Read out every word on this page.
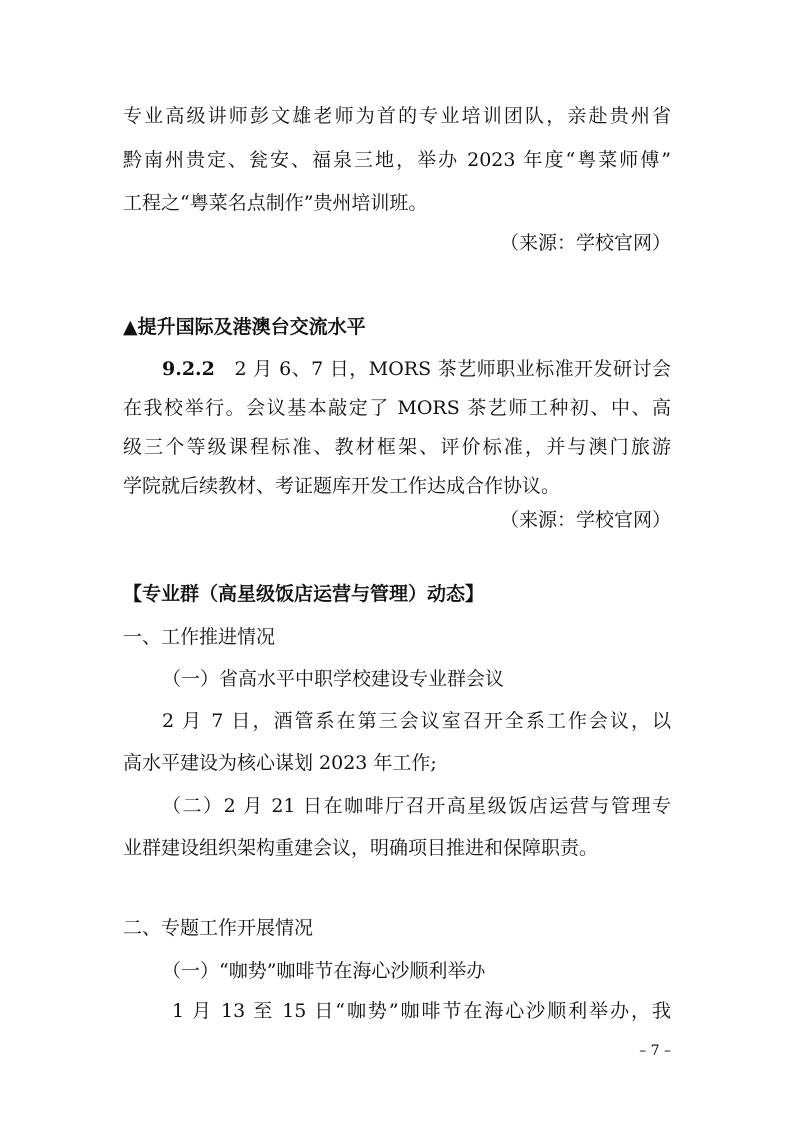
专业高级讲师彭文雄老师为首的专业培训团队，亲赴贵州省
黔南州贵定、瓮安、福泉三地，举办 2023 年度“粤菜师傅”
工程之“粤菜名点制作”贵州培训班。
（来源：学校官网）
▲提升国际及港澳台交流水平
9.2.2 2 月 6、7 日，MORS 茶艺师职业标准开发研讨会
在我校举行。会议基本敲定了 MORS 茶艺师工种初、中、高
级三个等级课程标准、教材框架、评价标准，并与澳门旅游
学院就后续教材、考证题库开发工作达成合作协议。
（来源：学校官网）
【专业群（高星级饭店运营与管理）动态】
一、工作推进情况
（一）省高水平中职学校建设专业群会议
2 月 7 日，酒管系在第三会议室召开全系工作会议，以
高水平建设为核心谋划 2023 年工作;
（二）2 月 21 日在咖啡厅召开高星级饭店运营与管理专
业群建设组织架构重建会议，明确项目推进和保障职责。
二、专题工作开展情况
（一）“咖势”咖啡节在海心沙顺利举办
1 月 13 至 15 日“咖势”咖啡节在海心沙顺利举办，我
– 7 –
